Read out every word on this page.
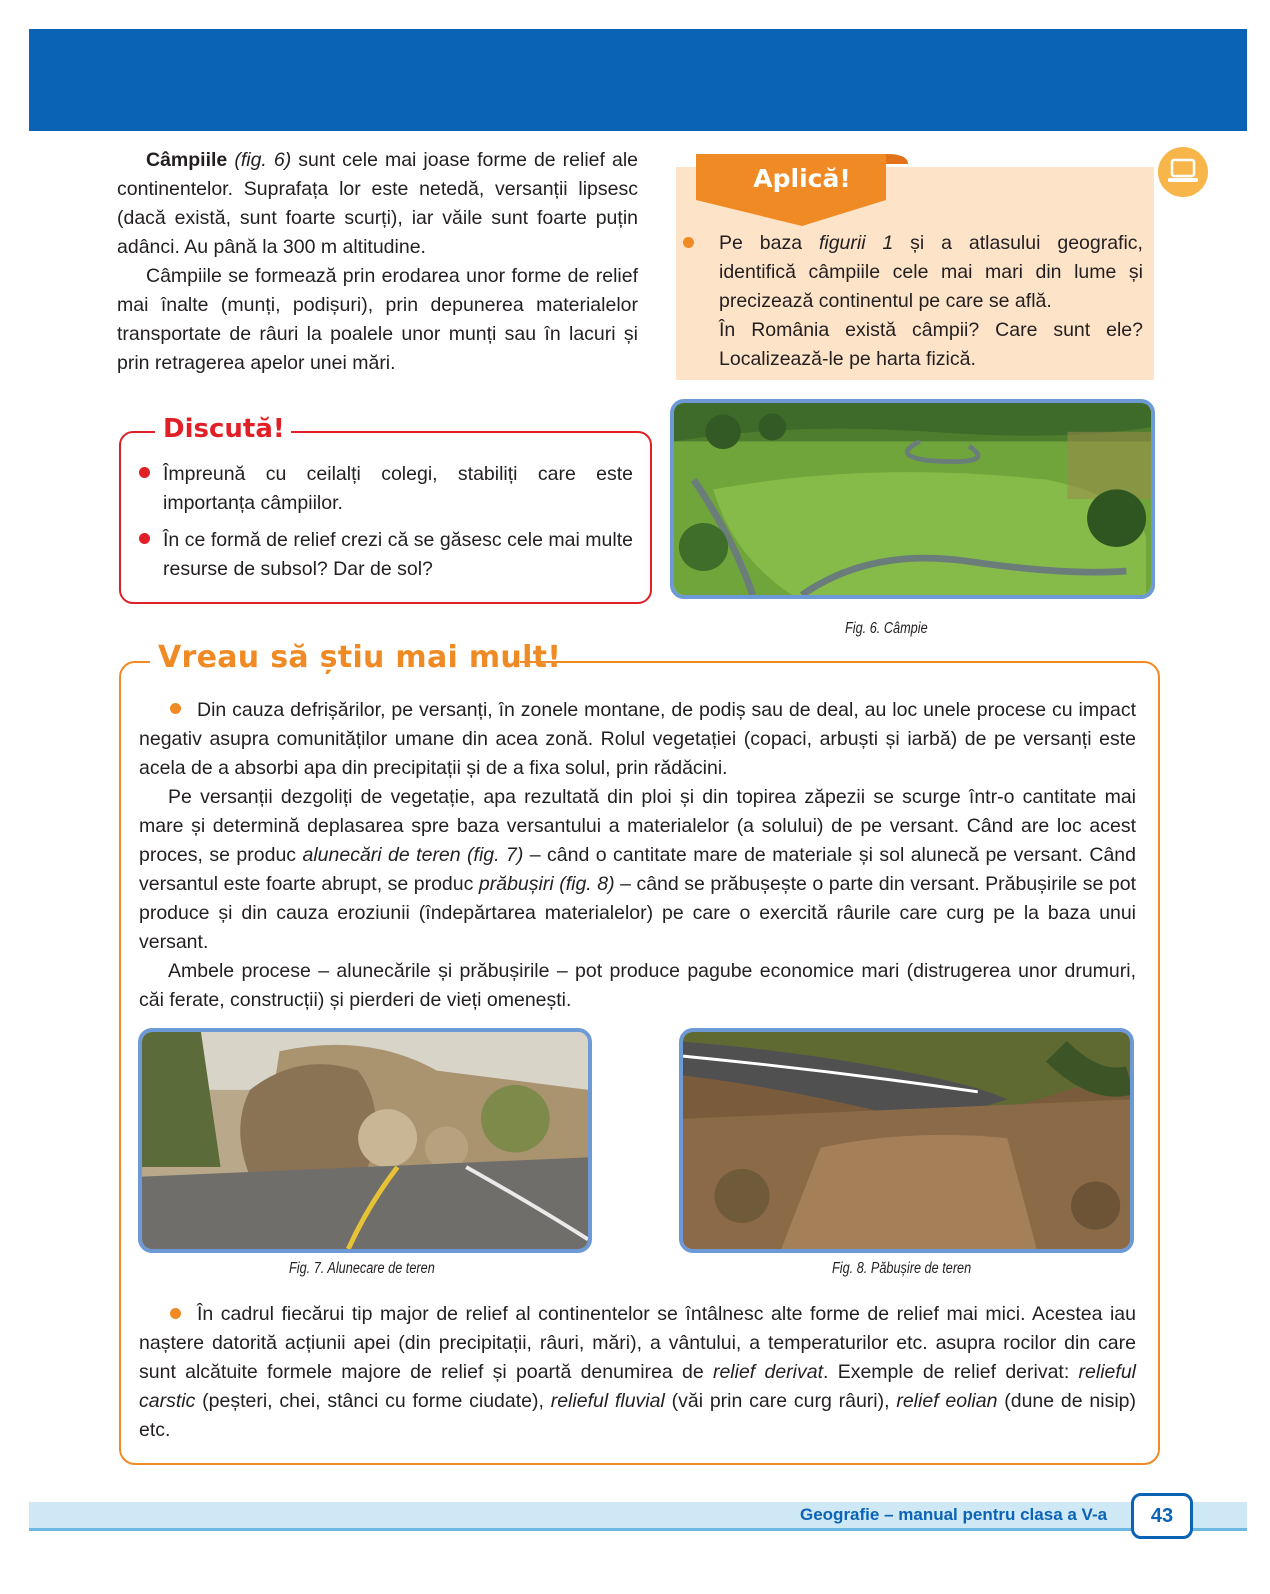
Câmpiile (fig. 6) sunt cele mai joase forme de relief ale continentelor. Suprafața lor este netedă, versanții lipsesc (dacă există, sunt foarte scurți), iar văile sunt foarte puțin adânci. Au până la 300 m altitudine.

Câmpiile se formează prin erodarea unor forme de relief mai înalte (munți, podișuri), prin depunerea materialelor transportate de râuri la poalele unor munți sau în lacuri și prin retragerea apelor unei mări.

Aplică!
Pe baza figurii 1 și a atlasului geografic, identifică câmpiile cele mai mari din lume și precizează continentul pe care se află.
În România există câmpii? Care sunt ele? Localizează-le pe harta fizică.
Discută!
Împreună cu ceilalți colegi, stabiliți care este importanța câmpiilor.
În ce formă de relief crezi că se găsesc cele mai multe resurse de subsol? Dar de sol?
Fig. 6. Câmpie
Vreau să știu mai mult!

Din cauza defrișărilor, pe versanți, în zonele montane, de podiș sau de deal, au loc unele procese cu impact negativ asupra comunităților umane din acea zonă. Rolul vegetației (copaci, arbuști și iarbă) de pe versanți este acela de a absorbi apa din precipitații și de a fixa solul, prin rădăcini.

Pe versanții dezgoliți de vegetație, apa rezultată din ploi și din topirea zăpezii se scurge într-o cantitate mai mare și determină deplasarea spre baza versantului a materialelor (a solului) de pe versant. Când are loc acest proces, se produc alunecări de teren (fig. 7) – când o cantitate mare de materiale și sol alunecă pe versant. Când versantul este foarte abrupt, se produc prăbușiri (fig. 8) – când se prăbușește o parte din versant. Prăbușirile se pot produce și din cauza eroziunii (îndepărtarea materialelor) pe care o exercită râurile care curg pe la baza unui versant.

Ambele procese – alunecările și prăbușirile – pot produce pagube economice mari (distrugerea unor drumuri, căi ferate, construcții) și pierderi de vieți omenești.

Fig. 7. Alunecare de teren	Fig. 8. Păbușire de teren

În cadrul fiecărui tip major de relief al continentelor se întâlnesc alte forme de relief mai mici. Acestea iau naștere datorită acțiunii apei (din precipitații, râuri, mări), a vântului, a temperaturilor etc. asupra rocilor din care sunt alcătuite formele majore de relief și poartă denumirea de relief derivat. Exemple de relief derivat: relieful carstic (peșteri, chei, stânci cu forme ciudate), relieful fluvial (văi prin care curg râuri), relief eolian (dune de nisip) etc.

Geografie – manual pentru clasa a V-a	43
